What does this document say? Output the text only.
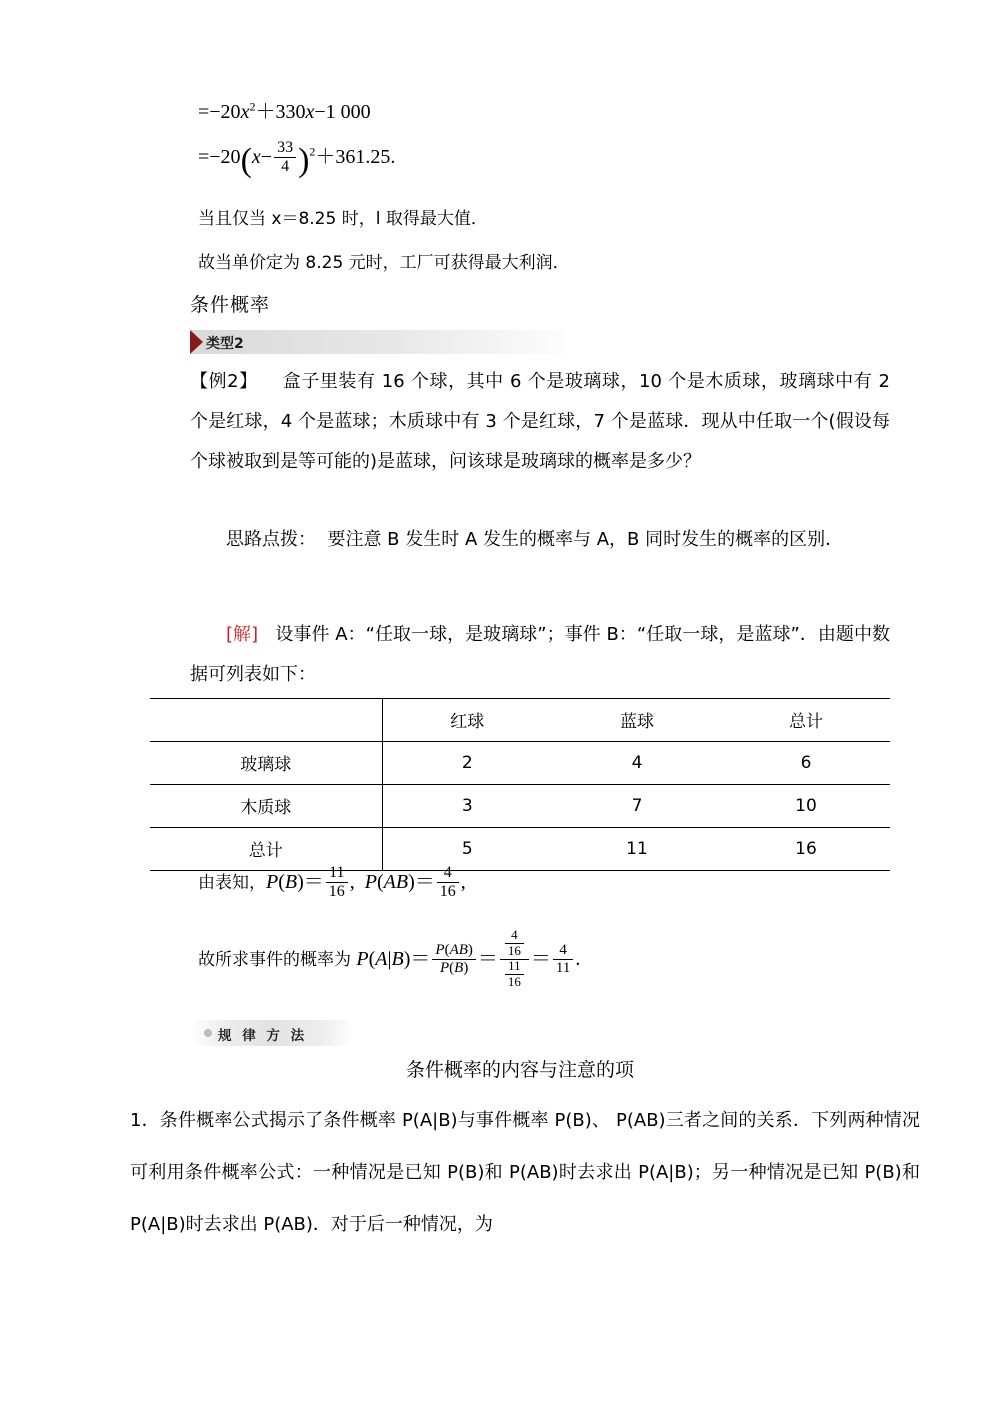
$=-20x^2+330x-1$ 000
$=-20(x- \frac{33}{4} )^2+361.25$.
当且仅当 x＝8.25 时，l 取得最大值．
故当单价定为 8.25 元时，工厂可获得最大利润．
条件概率
类型2
【例2】 盒子里装有 16 个球，其中 6 个是玻璃球，10 个是木质球，玻璃球中有 2 个是红球，4 个是蓝球；木质球中有 3 个是红球，7 个是蓝球．现从中任取一个(假设每个球被取到是等可能的)是蓝球，问该球是玻璃球的概率是多少？
思路点拨： 要注意 B 发生时 A 发生的概率与 A，B 同时发生的概率的区别．
[解] 设事件 A：“任取一球，是玻璃球”；事件 B：“任取一球，是蓝球”．由题中数据可列表如下：
	红球	蓝球	总计
玻璃球	2	4	6
木质球	3	7	10
总计	5	11	16
由表知，$P(B)= \frac{11}{16}$ ,  $P(AB)= \frac{4}{16}$ ,
故所求事件的概率为 $P(A|B)= \frac{P(AB)}{P(B)} = \frac{\frac{4}{16}}{\frac{11}{16}} = \frac{4}{11}$ .
规 律 方 法
条件概率的内容与注意的项
1．条件概率公式揭示了条件概率 P(A|B)与事件概率 P(B)、 P(AB)三者之间的关系．下列两种情况可利用条件概率公式：一种情况是已知 P(B)和 P(AB)时去求出 P(A|B)；另一种情况是已知 P(B)和 P(A|B)时去求出 P(AB)．对于后一种情况，为
